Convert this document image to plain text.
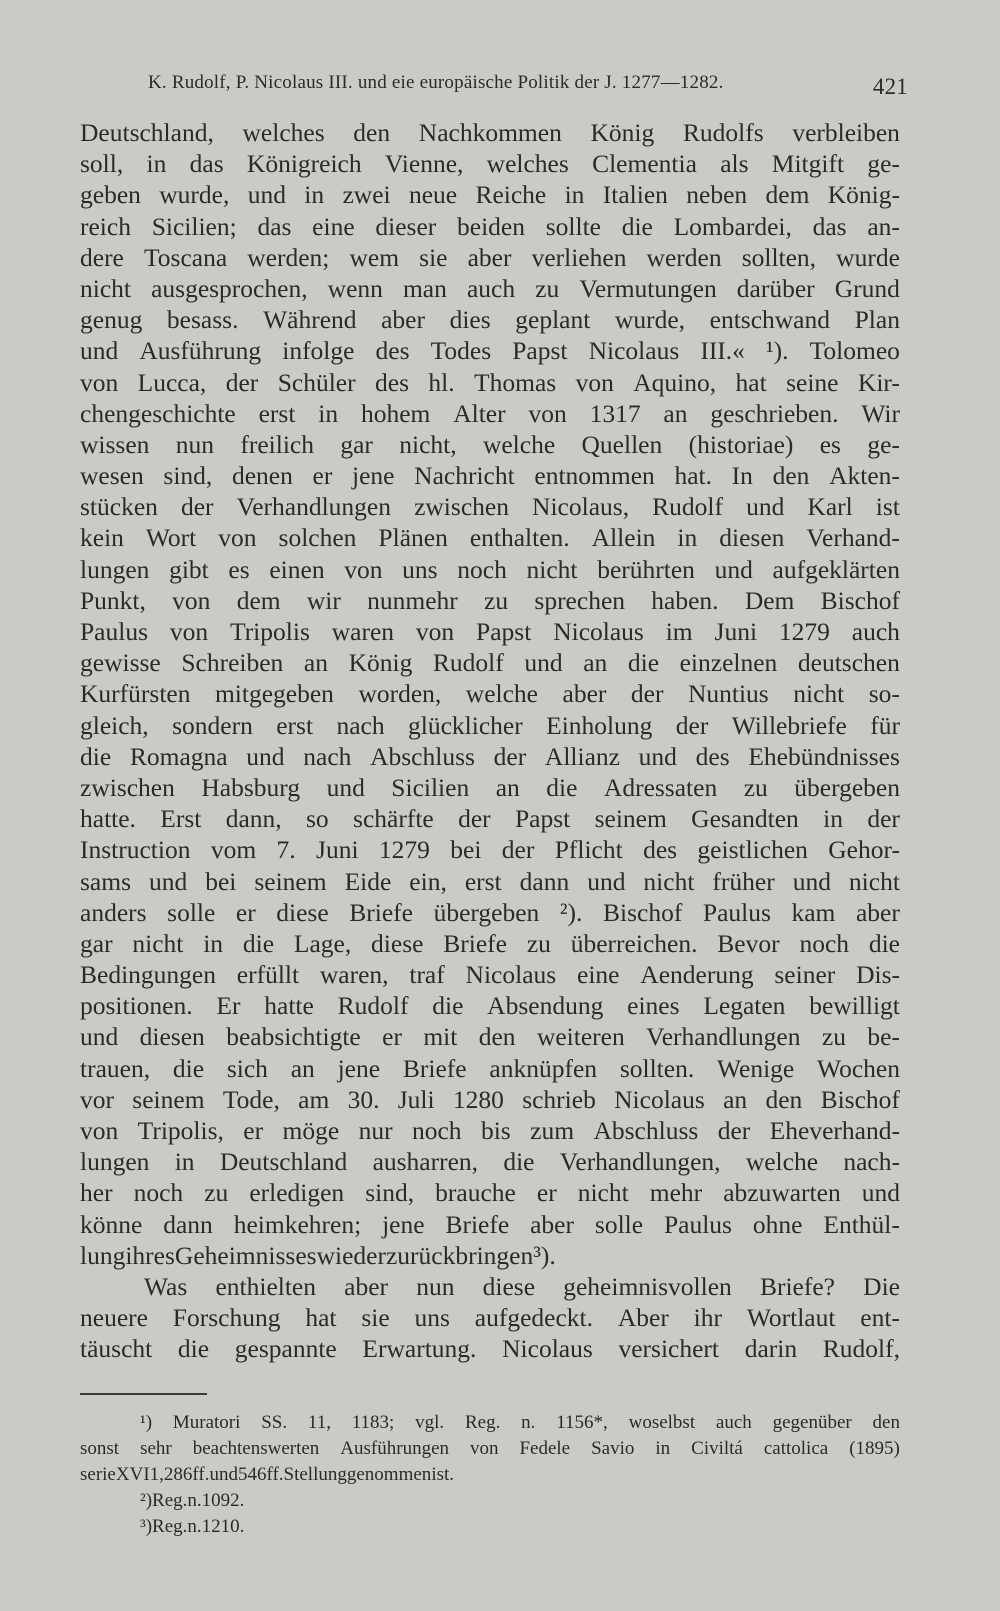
K. Rudolf, P. Nicolaus III. und eie europäische Politik der J. 1277—1282.	421
Deutschland, welches den Nachkommen König Rudolfs verbleiben
soll, in das Königreich Vienne, welches Clementia als Mitgift ge-
geben wurde, und in zwei neue Reiche in Italien neben dem König-
reich Sicilien; das eine dieser beiden sollte die Lombardei, das an-
dere Toscana werden; wem sie aber verliehen werden sollten, wurde
nicht ausgesprochen, wenn man auch zu Vermutungen darüber Grund
genug besass. Während aber dies geplant wurde, entschwand Plan
und Ausführung infolge des Todes Papst Nicolaus III.« ¹). Tolomeo
von Lucca, der Schüler des hl. Thomas von Aquino, hat seine Kir-
chengeschichte erst in hohem Alter von 1317 an geschrieben. Wir
wissen nun freilich gar nicht, welche Quellen (historiae) es ge-
wesen sind, denen er jene Nachricht entnommen hat. In den Akten-
stücken der Verhandlungen zwischen Nicolaus, Rudolf und Karl ist
kein Wort von solchen Plänen enthalten. Allein in diesen Verhand-
lungen gibt es einen von uns noch nicht berührten und aufgeklärten
Punkt, von dem wir nunmehr zu sprechen haben. Dem Bischof
Paulus von Tripolis waren von Papst Nicolaus im Juni 1279 auch
gewisse Schreiben an König Rudolf und an die einzelnen deutschen
Kurfürsten mitgegeben worden, welche aber der Nuntius nicht so-
gleich, sondern erst nach glücklicher Einholung der Willebriefe für
die Romagna und nach Abschluss der Allianz und des Ehebündnisses
zwischen Habsburg und Sicilien an die Adressaten zu übergeben
hatte. Erst dann, so schärfte der Papst seinem Gesandten in der
Instruction vom 7. Juni 1279 bei der Pflicht des geistlichen Gehor-
sams und bei seinem Eide ein, erst dann und nicht früher und nicht
anders solle er diese Briefe übergeben ²). Bischof Paulus kam aber
gar nicht in die Lage, diese Briefe zu überreichen. Bevor noch die
Bedingungen erfüllt waren, traf Nicolaus eine Aenderung seiner Dis-
positionen. Er hatte Rudolf die Absendung eines Legaten bewilligt
und diesen beabsichtigte er mit den weiteren Verhandlungen zu be-
trauen, die sich an jene Briefe anknüpfen sollten. Wenige Wochen
vor seinem Tode, am 30. Juli 1280 schrieb Nicolaus an den Bischof
von Tripolis, er möge nur noch bis zum Abschluss der Eheverhand-
lungen in Deutschland ausharren, die Verhandlungen, welche nach-
her noch zu erledigen sind, brauche er nicht mehr abzuwarten und
könne dann heimkehren; jene Briefe aber solle Paulus ohne Enthül-
lung ihres Geheimnisses wieder zurückbringen ³).
Was enthielten aber nun diese geheimnisvollen Briefe? Die
neuere Forschung hat sie uns aufgedeckt. Aber ihr Wortlaut ent-
täuscht die gespannte Erwartung. Nicolaus versichert darin Rudolf,
¹) Muratori SS. 11, 1183; vgl. Reg. n. 1156*, woselbst auch gegenüber den
sonst sehr beachtenswerten Ausführungen von Fedele Savio in Civiltá cattolica (1895)
serie XVI 1, 286 ff. und 546 ff. Stellung genommen ist.
²) Reg. n. 1092.
³) Reg. n. 1210.
